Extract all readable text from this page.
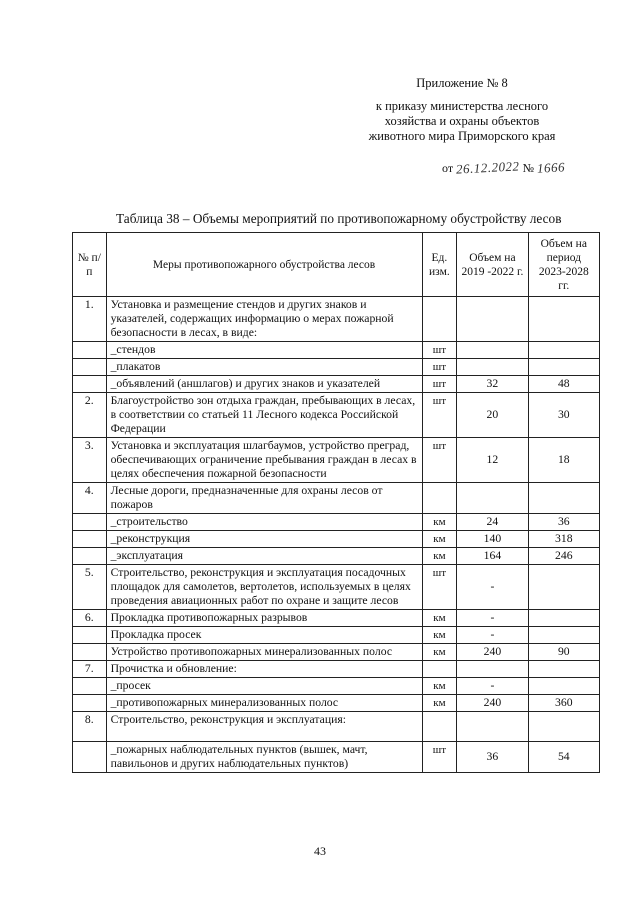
Приложение № 8
к приказу министерства лесного
хозяйства и охраны объектов
животного мира Приморского края
от 26.12.2022 № 1666
Таблица 38 – Объемы мероприятий по противопожарному обустройству лесов
№ п/п	Меры противопожарного обустройства лесов	Ед. изм.	Объем на 2019 -2022 г.	Объем на период 2023-2028 гг.
1.	Установка и размещение стендов и других знаков и указателей, содержащих информацию о мерах пожарной безопасности в лесах, в виде:			
	_стендов	шт		
	_плакатов	шт		
	_объявлений (аншлагов) и других знаков и указателей	шт	32	48
2.	Благоустройство зон отдыха граждан, пребывающих в лесах, в соответствии со статьей 11 Лесного кодекса Российской Федерации	шт	20	30
3.	Установка и эксплуатация шлагбаумов, устройство преград, обеспечивающих ограничение пребывания граждан в лесах в целях обеспечения пожарной безопасности	шт	12	18
4.	Лесные дороги, предназначенные для охраны лесов от пожаров			
	_строительство	км	24	36
	_реконструкция	км	140	318
	_эксплуатация	км	164	246
5.	Строительство, реконструкция и эксплуатация посадочных площадок для самолетов, вертолетов, используемых в целях проведения авиационных работ по охране и защите лесов	шт	-	
6.	Прокладка противопожарных разрывов	км	-	
	Прокладка просек	км	-	
	Устройство противопожарных минерализованных полос	км	240	90
7.	Прочистка и обновление:			
	_просек	км	-	
	_противопожарных минерализованных полос	км	240	360
8.	Строительство, реконструкция и эксплуатация:			
	_пожарных наблюдательных пунктов (вышек, мачт, павильонов и других наблюдательных пунктов)	шт	36	54
43
